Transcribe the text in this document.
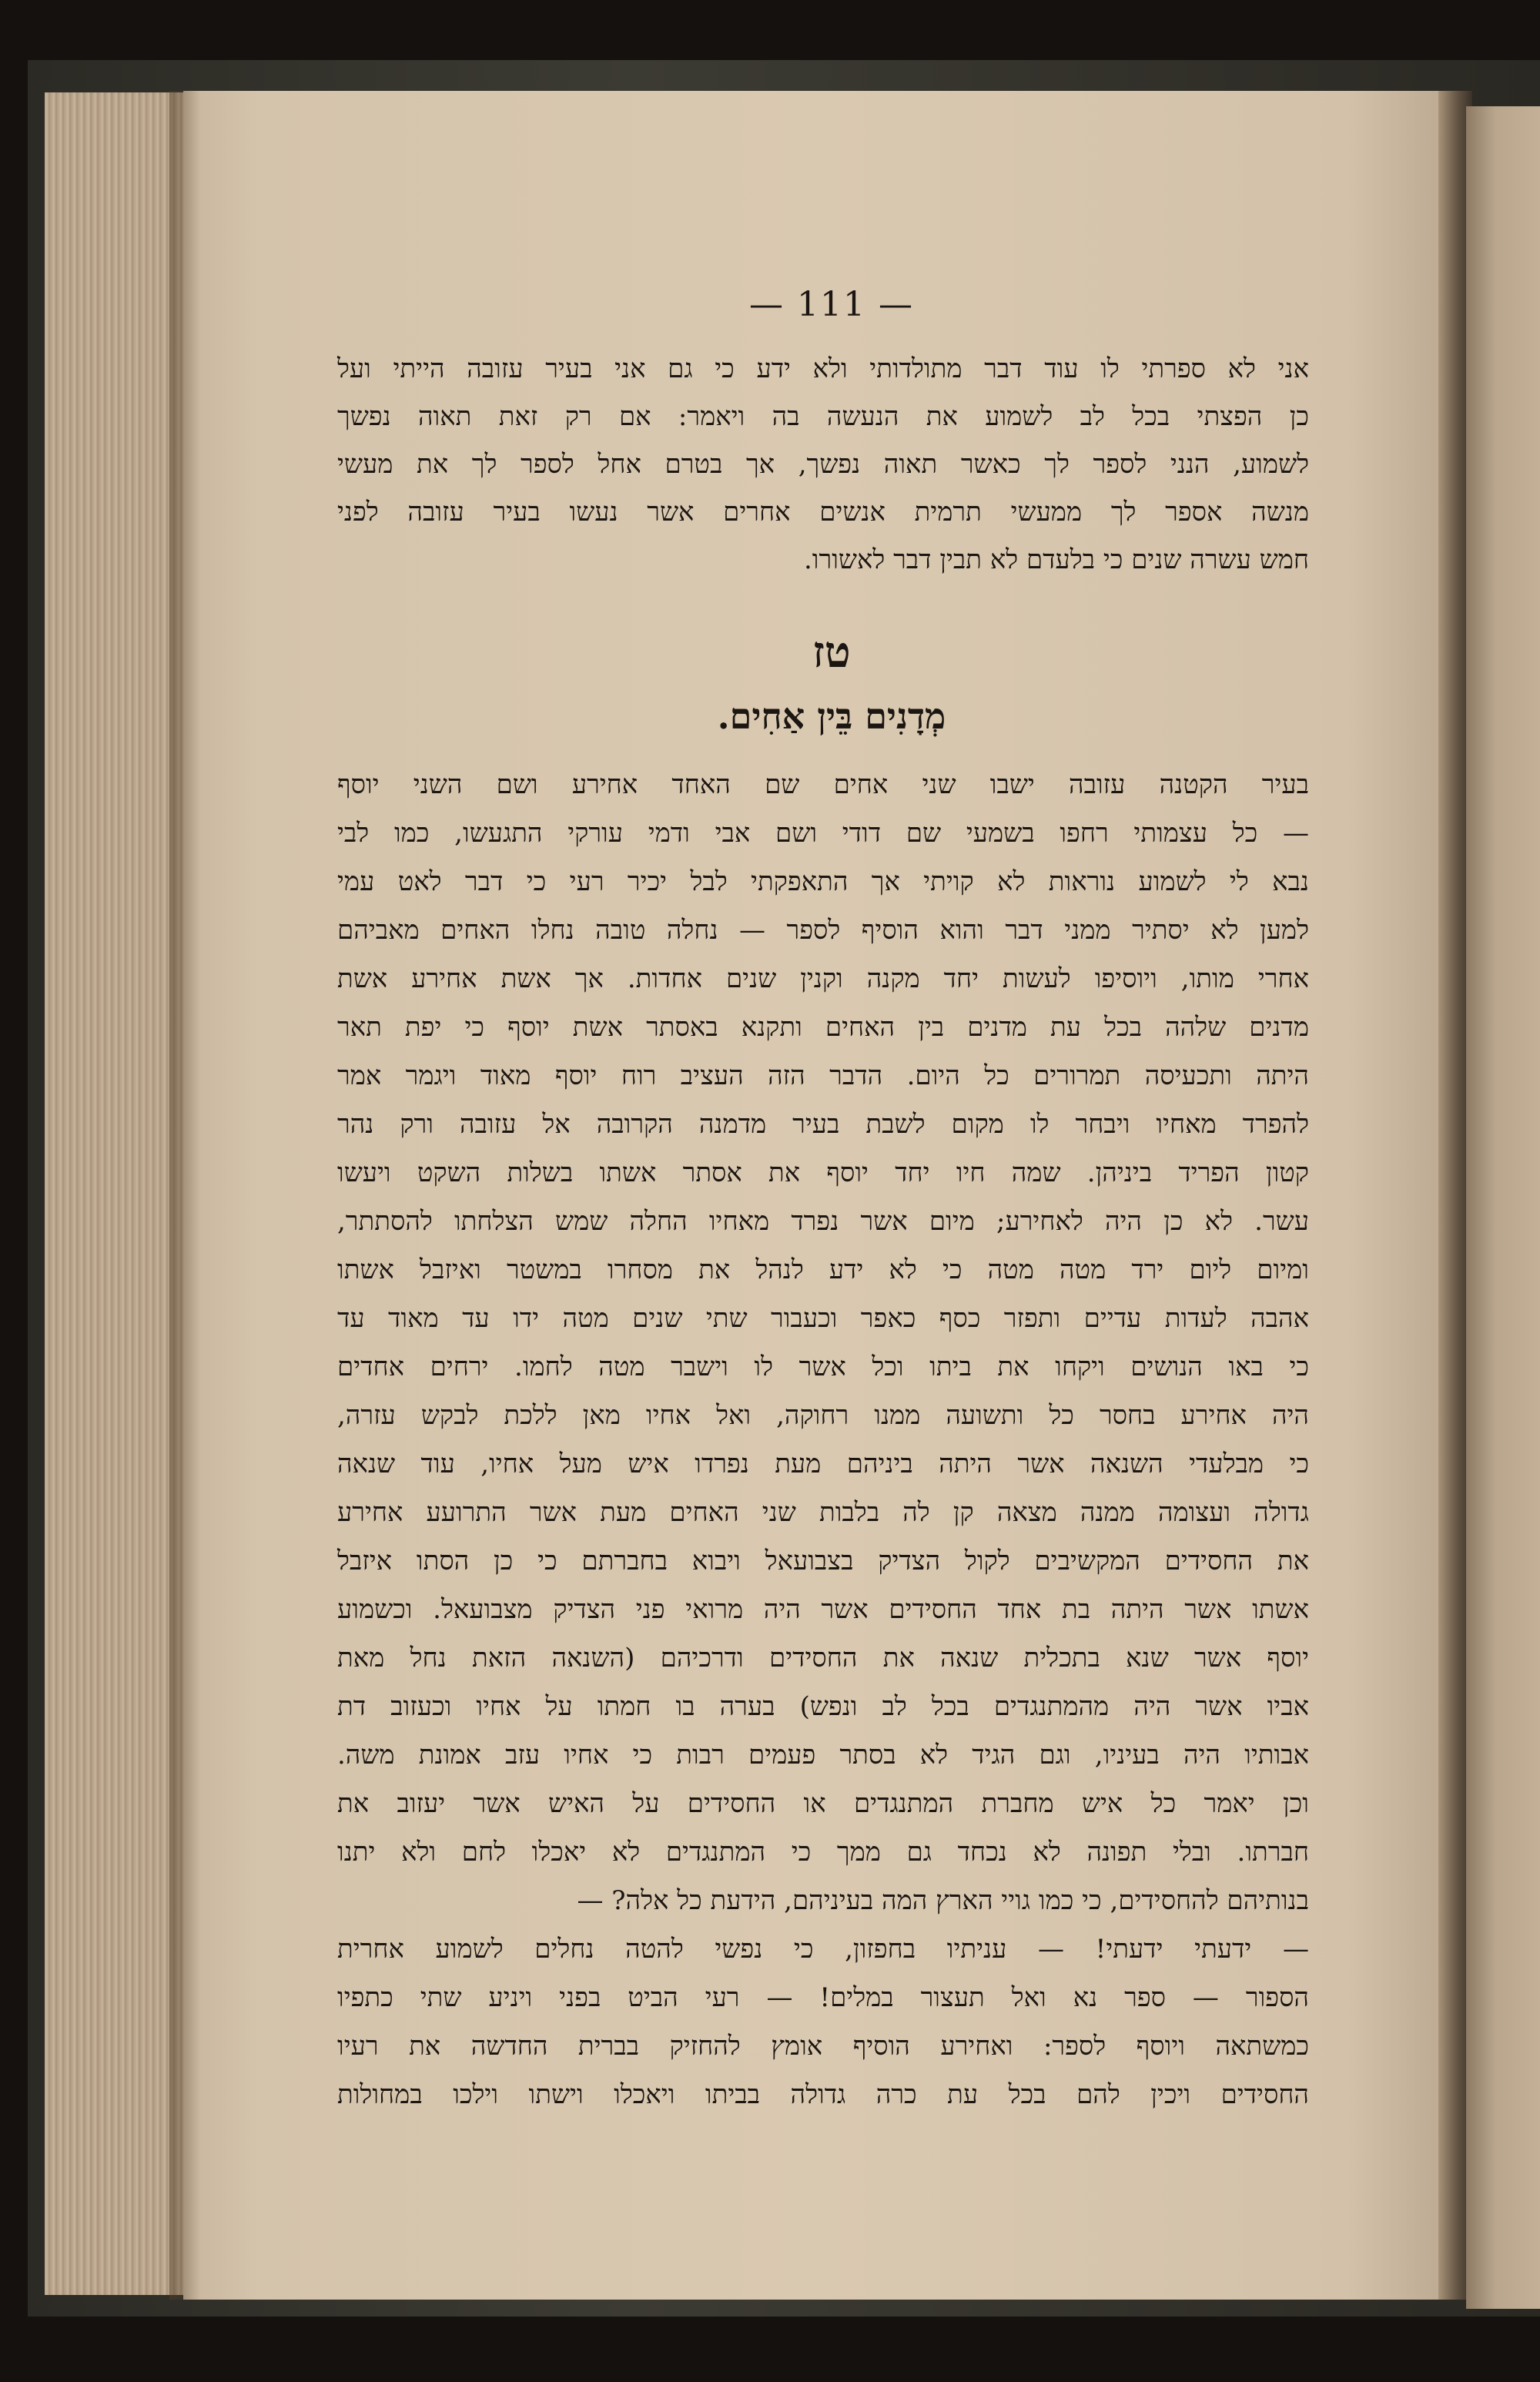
— 111 —
אני לא ספרתי לו עוד דבר מתולדותי ולא ידע כי גם אני בעיר עזובה הייתי ועל
כן הפצתי בכל לב לשמוע את הנעשה בה ויאמר: אם רק זאת תאוה נפשך
לשמוע, הנני לספר לך כאשר תאוה נפשך, אך בטרם אחל לספר לך את מעשי
מנשה אספר לך ממעשי תרמית אנשים אחרים אשר נעשו בעיר עזובה לפני
חמש עשרה שנים כי בלעדם לא תבין דבר לאשורו.
טז
מְדָנִים בֵּין אַחִים.
בעיר הקטנה עזובה ישבו שני אחים שם האחד אחירע ושם השני יוסף
— כל עצמותי רחפו בשמעי שם דודי ושם אבי ודמי עורקי התגעשו, כמו לבי
נבא לי לשמוע נוראות לא קויתי אך התאפקתי לבל יכיר רעי כי דבר לאט עמי
למען לא יסתיר ממני דבר והוא הוסיף לספר — נחלה טובה נחלו האחים מאביהם
אחרי מותו, ויוסיפו לעשות יחד מקנה וקנין שנים אחדות. אך אשת אחירע אשת
מדנים שלהה בכל עת מדנים בין האחים ותקנא באסתר אשת יוסף כי יפת תאר
היתה ותכעיסה תמרורים כל היום. הדבר הזה העציב רוח יוסף מאוד ויגמר אמר
להפרד מאחיו ויבחר לו מקום לשבת בעיר מדמנה הקרובה אל עזובה ורק נהר
קטון הפריד ביניהן. שמה חיו יחד יוסף את אסתר אשתו בשלות השקט ויעשו
עשר. לא כן היה לאחירע; מיום אשר נפרד מאחיו החלה שמש הצלחתו להסתתר,
ומיום ליום ירד מטה מטה כי לא ידע לנהל את מסחרו במשטר ואיזבל אשתו
אהבה לעדות עדיים ותפזר כסף כאפר וכעבור שתי שנים מטה ידו עד מאוד עד
כי באו הנושים ויקחו את ביתו וכל אשר לו וישבר מטה לחמו. ירחים אחדים
היה אחירע בחסר כל ותשועה ממנו רחוקה, ואל אחיו מאן ללכת לבקש עזרה,
כי מבלעדי השנאה אשר היתה ביניהם מעת נפרדו איש מעל אחיו, עוד שנאה
גדולה ועצומה ממנה מצאה קן לה בלבות שני האחים מעת אשר התרועע אחירע
את החסידים המקשיבים לקול הצדיק בצבועאל ויבוא בחברתם כי כן הסתו איזבל
אשתו אשר היתה בת אחד החסידים אשר היה מרואי פני הצדיק מצבועאל. וכשמוע
יוסף אשר שנא בתכלית שנאה את החסידים ודרכיהם (השנאה הזאת נחל מאת
אביו אשר היה מהמתנגדים בכל לב ונפש) בערה בו חמתו על אחיו וכעזוב דת
אבותיו היה בעיניו, וגם הגיד לא בסתר פעמים רבות כי אחיו עזב אמונת משה.
וכן יאמר כל איש מחברת המתנגדים או החסידים על האיש אשר יעזוב את
חברתו. ובלי תפונה לא נכחד גם ממך כי המתנגדים לא יאכלו לחם ולא יתנו
בנותיהם להחסידים, כי כמו גויי הארץ המה בעיניהם, הידעת כל אלה? —
— ידעתי ידעתי! — עניתיו בחפזון, כי נפשי להטה נחלים לשמוע אחרית
הספור — ספר נא ואל תעצור במלים! — רעי הביט בפני ויניע שתי כתפיו
כמשתאה ויוסף לספר: ואחירע הוסיף אומץ להחזיק בברית החדשה את רעיו
החסידים ויכין להם בכל עת כרה גדולה בביתו ויאכלו וישתו וילכו במחולות
